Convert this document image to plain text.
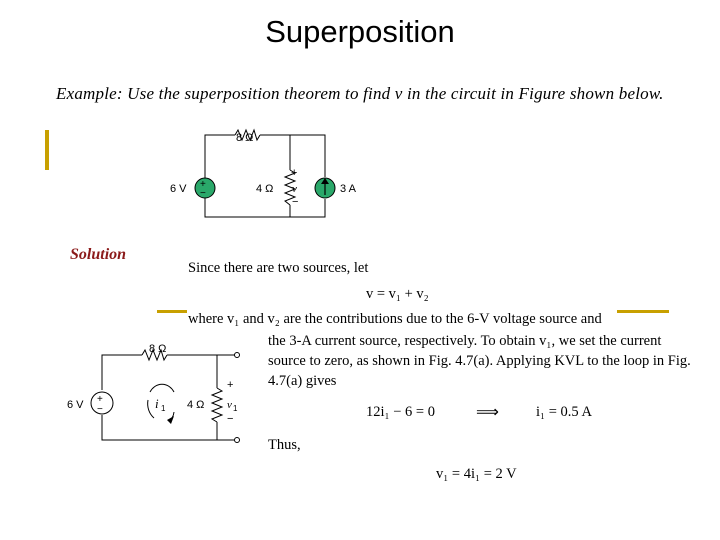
Superposition
Example: Use the superposition theorem to find v in the circuit in Figure shown below.
+
−
8 Ω
4 Ω
6 V	3 A
+
v
−
Solution
+
−
8 Ω
4 Ω
6 V	i 1
+
v 1
−
Since there are two sources, let
v = v₁ + v₂
where v₁ and v₂ are the contributions due to the 6-V voltage source and
the 3-A current source, respectively. To obtain v₁, we set the current
source to zero, as shown in Fig. 4.7(a). Applying KVL to the loop in Fig.
4.7(a) gives
12i₁ − 6 = 0	⟹	i₁ = 0.5 A
Thus,
v₁ = 4i₁ = 2 V
